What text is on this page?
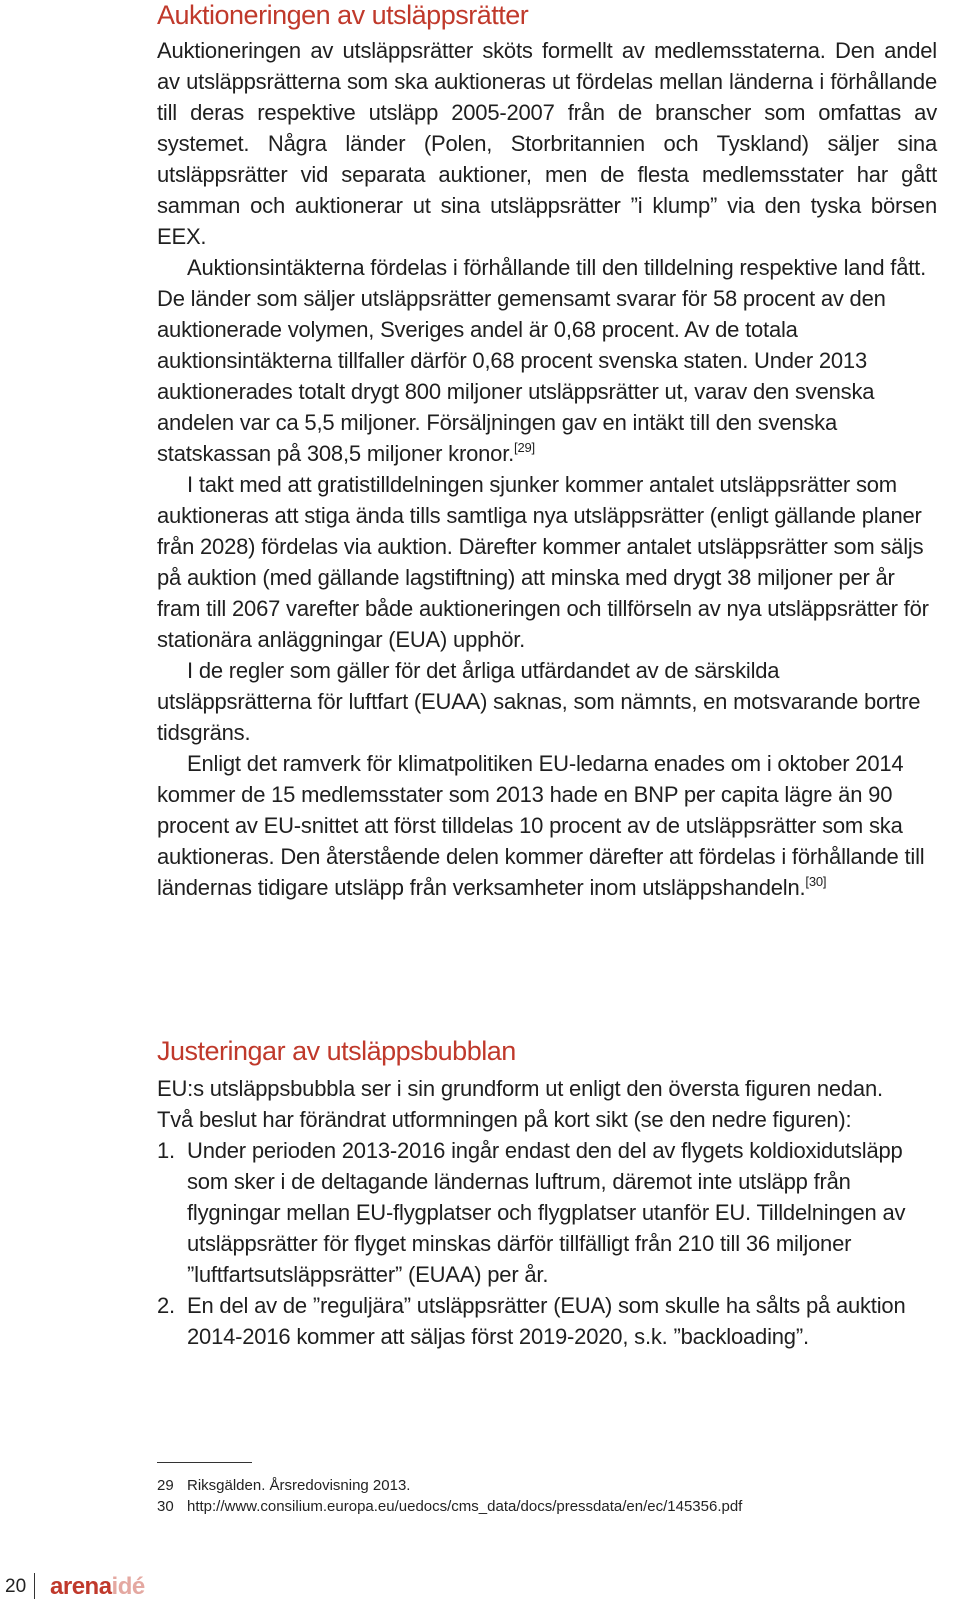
Auktioneringen av utsläppsrätter

Auktioneringen av utsläppsrätter sköts formellt av medlemsstaterna. Den andel av utsläppsrätterna som ska auktioneras ut fördelas mellan länderna i förhållande till deras respektive utsläpp 2005-2007 från de branscher som omfattas av systemet. Några länder (Polen, Storbritannien och Tyskland) säljer sina utsläppsrätter vid separata auktioner, men de flesta medlemsstater har gått samman och auktionerar ut sina utsläppsrätter ”i klump” via den tyska börsen EEX.

Auktionsintäkterna fördelas i förhållande till den tilldelning respektive land fått. De länder som säljer utsläppsrätter gemensamt svarar för 58 procent av den auktionerade volymen, Sveriges andel är 0,68 procent. Av de totala auktionsintäkterna tillfaller därför 0,68 procent svenska staten. Under 2013 auktionerades totalt drygt 800 miljoner utsläppsrätter ut, varav den svenska andelen var ca 5,5 miljoner. Försäljningen gav en intäkt till den svenska statskassan på 308,5 miljoner kronor.[29]

I takt med att gratistilldelningen sjunker kommer antalet utsläppsrätter som auktioneras att stiga ända tills samtliga nya utsläppsrätter (enligt gällande planer från 2028) fördelas via auktion. Därefter kommer antalet utsläppsrätter som säljs på auktion (med gällande lagstiftning) att minska med drygt 38 miljoner per år fram till 2067 varefter både auktioneringen och tillförseln av nya utsläppsrätter för stationära anläggningar (EUA) upphör.

I de regler som gäller för det årliga utfärdandet av de särskilda utsläppsrätterna för luftfart (EUAA) saknas, som nämnts, en motsvarande bortre tidsgräns.

Enligt det ramverk för klimatpolitiken EU-ledarna enades om i oktober 2014 kommer de 15 medlemsstater som 2013 hade en BNP per capita lägre än 90 procent av EU-snittet att först tilldelas 10 procent av de utsläppsrätter som ska auktioneras. Den återstående delen kommer därefter att fördelas i förhållande till ländernas tidigare utsläpp från verksamheter inom utsläppshandeln.[30]

Justeringar av utsläppsbubblan

EU:s utsläppsbubbla ser i sin grundform ut enligt den översta figuren nedan.

Två beslut har förändrat utformningen på kort sikt (se den nedre figuren):

1. Under perioden 2013-2016 ingår endast den del av flygets koldioxidutsläpp som sker i de deltagande ländernas luftrum, däremot inte utsläpp från flygningar mellan EU-flygplatser och flygplatser utanför EU. Tilldelningen av utsläppsrätter för flyget minskas därför tillfälligt från 210 till 36 miljoner ”luftfartsutsläppsrätter” (EUAA) per år.
2. En del av de ”reguljära” utsläppsrätter (EUA) som skulle ha sålts på auktion 2014-2016 kommer att säljas först 2019-2020, s.k. ”backloading”.
29 Riksgälden. Årsredovisning 2013.
30 http://www.consilium.europa.eu/uedocs/cms_data/docs/pressdata/en/ec/145356.pdf
20 arenaidé
